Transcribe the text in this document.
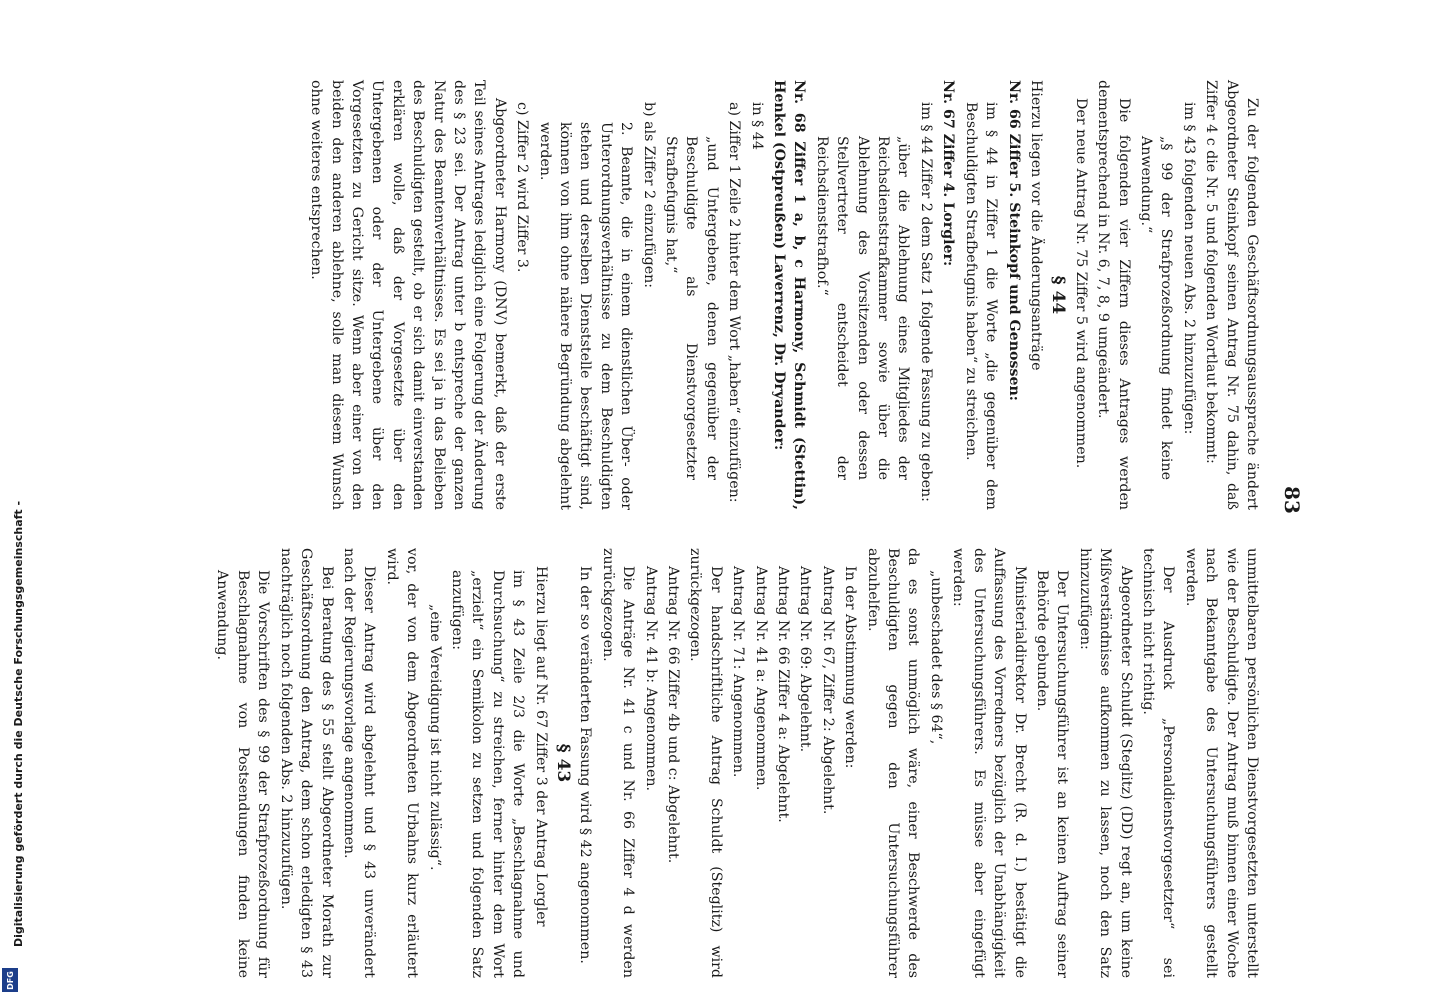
83

Zu der folgenden Geschäftsordnungsaussprache ändert Abgeordneter Steinkopf seinen Antrag Nr. 75 dahin, daß Ziffer 4 c die Nr. 5 und folgenden Wortlaut bekommt:

im § 43 folgenden neuen Abs. 2 hinzuzufügen:

„§ 99 der Strafprozeßordnung findet keine Anwendung.“

Die folgenden vier Ziffern dieses Antrages werden dementsprechend in Nr. 6, 7, 8, 9 umgeändert.

Der neue Antrag Nr. 75 Ziffer 5 wird angenommen.

§ 44

Hierzu liegen vor die Änderungsanträge

Nr. 66 Ziffer 5. Steinkopf und Genossen:

im § 44 in Ziffer 1 die Worte „die gegenüber dem Beschuldigten Strafbefugnis haben“ zu streichen.

Nr. 67 Ziffer 4. Lorgler:

im § 44 Ziffer 2 dem Satz 1 folgende Fassung zu geben:

„über die Ablehnung eines Mitgliedes der Reichsdienststrafkammer sowie über die Ablehnung des Vorsitzenden oder dessen Stellvertreter entscheidet der Reichsdienststrafhof.“

Nr. 68 Ziffer 1 a, b, c Harmony, Schmidt (Stettin), Henkel (Ostpreußen) Laverrenz, Dr. Dryander:

in § 44

a) Ziffer 1 Zeile 2 hinter dem Wort „haben“ einzufügen:

„und Untergebene, denen gegenüber der Beschuldigte als Dienstvorgesetzter Strafbefugnis hat,“

b) als Ziffer 2 einzufügen:

2. Beamte, die in einem dienstlichen Über- oder Unterordnungsverhältnisse zu dem Beschuldigten stehen und derselben Dienststelle beschäftigt sind, können von ihm ohne nähere Begründung abgelehnt werden.

c) Ziffer 2 wird Ziffer 3.

Abgeordneter Harmony (DNV) bemerkt, daß der erste Teil seines Antrages lediglich eine Folgerung der Änderung des § 23 sei. Der Antrag unter b entspreche der ganzen Natur des Beamtenverhältnisses. Es sei ja in das Belieben des Beschuldigten gestellt, ob er sich damit einverstanden erklären wolle, daß der Vorgesetzte über den Untergebenen oder der Untergebene über den Vorgesetzten zu Gericht sitze. Wenn aber einer von den beiden den anderen ablehne, solle man diesem Wunsch ohne weiteres entsprechen.

unmittelbaren persönlichen Dienstvorgesetzten unterstellt wie der Beschuldigte. Der Antrag muß binnen einer Woche nach Bekanntgabe des Untersuchungsführers gestellt werden.

Der Ausdruck „Personaldienstvorgesetzter“ sei technisch nicht richtig.

Abgeordneter Schuldt (Steglitz) (DD) regt an, um keine Mißverständnisse aufkommen zu lassen, noch den Satz hinzuzufügen:

Der Untersuchungsführer ist an keinen Auftrag seiner Behörde gebunden.

Ministerialdirektor Dr. Brecht (R. d. I.) bestätigt die Auffassung des Vorredners bezüglich der Unabhängigkeit des Untersuchungsführers. Es müsse aber eingefügt werden:

„unbeschadet des § 64“,

da es sonst unmöglich wäre, einer Beschwerde des Beschuldigten gegen den Untersuchungsführer abzuhelfen.

In der Abstimmung werden:

Antrag Nr. 67, Ziffer 2: Abgelehnt.

Antrag Nr. 69: Abgelehnt.

Antrag Nr. 66 Ziffer 4 a: Abgelehnt.

Antrag Nr. 41 a: Angenommen.

Antrag Nr. 71: Angenommen.

Der handschriftliche Antrag Schuldt (Steglitz) wird zurückgezogen.

Antrag Nr. 66 Ziffer 4b und c: Abgelehnt.

Antrag Nr. 41 b: Angenommen.

Die Anträge Nr. 41 c und Nr. 66 Ziffer 4 d werden zurückgezogen.

In der so veränderten Fassung wird § 42 angenommen.

§ 43

Hierzu liegt auf Nr. 67 Ziffer 3 der Antrag Lorgler

im § 43 Zeile 2/3 die Worte „Beschlagnahme und Durchsuchung“ zu streichen, ferner hinter dem Wort „erzielt“ ein Semikolon zu setzen und folgenden Satz anzufügen:

„eine Vereidigung ist nicht zulässig“.

vor, der von dem Abgeordneten Urbahns kurz erläutert wird.

Dieser Antrag wird abgelehnt und § 43 unverändert nach der Regierungsvorlage angenommen.

Bei Beratung des § 55 stellt Abgeordneter Morath zur Geschäftsordnung den Antrag, dem schon erledigten § 43 nachträglich noch folgenden Abs. 2 hinzuzufügen.

Die Vorschriften des § 99 der Strafprozeßordnung für Beschlagnahme von Postsendungen finden keine Anwendung.

Digitalisierung gefördert durch die Deutsche Forschungsgemeinschaft -
DFG
